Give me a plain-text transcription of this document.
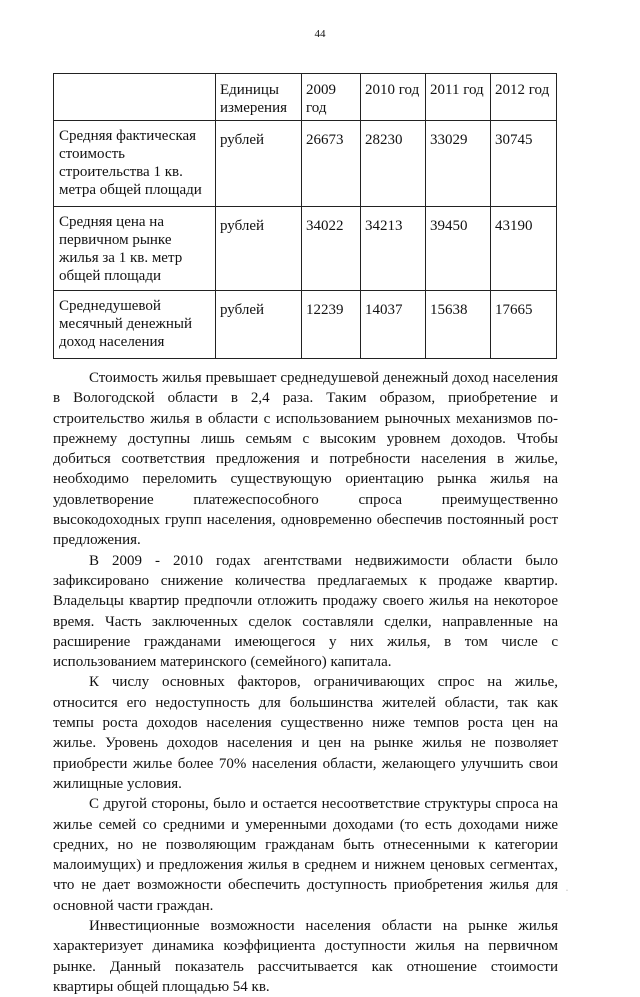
44
	Единицы измерения	2009 год	2010 год	2011 год	2012 год
Средняя фактическая стоимость строительства 1 кв. метра общей площади	рублей	26673	28230	33029	30745
Средняя цена на первичном рынке жилья за 1 кв. метр общей площади	рублей	34022	34213	39450	43190
Среднедушевой месячный денежный доход населения	рублей	12239	14037	15638	17665

Стоимость жилья превышает среднедушевой денежный доход населения в Вологодской области в 2,4 раза. Таким образом, приобретение и строительство жилья в области с использованием рыночных механизмов по-прежнему доступны лишь семьям с высоким уровнем доходов. Чтобы добиться соответствия предложения и потребности населения в жилье, необходимо переломить существующую ориентацию рынка жилья на удовлетворение платежеспособного спроса преимущественно высокодоходных групп населения, одновременно обеспечив постоянный рост предложения.

В 2009 - 2010 годах агентствами недвижимости области было зафиксировано снижение количества предлагаемых к продаже квартир. Владельцы квартир предпочли отложить продажу своего жилья на некоторое время. Часть заключенных сделок составляли сделки, направленные на расширение гражданами имеющегося у них жилья, в том числе с использованием материнского (семейного) капитала.

К числу основных факторов, ограничивающих спрос на жилье, относится его недоступность для большинства жителей области, так как темпы роста доходов населения существенно ниже темпов роста цен на жилье. Уровень доходов населения и цен на рынке жилья не позволяет приобрести жилье более 70% населения области, желающего улучшить свои жилищные условия.

С другой стороны, было и остается несоответствие структуры спроса на жилье семей со средними и умеренными доходами (то есть доходами ниже средних, но не позволяющим гражданам быть отнесенными к категории малоимущих) и предложения жилья в среднем и нижнем ценовых сегментах, что не дает возможности обеспечить доступность приобретения жилья для основной части граждан.

Инвестиционные возможности населения области на рынке жилья характеризует динамика коэффициента доступности жилья на первичном рынке. Данный показатель рассчитывается как отношение стоимости квартиры общей площадью 54 кв.

·
